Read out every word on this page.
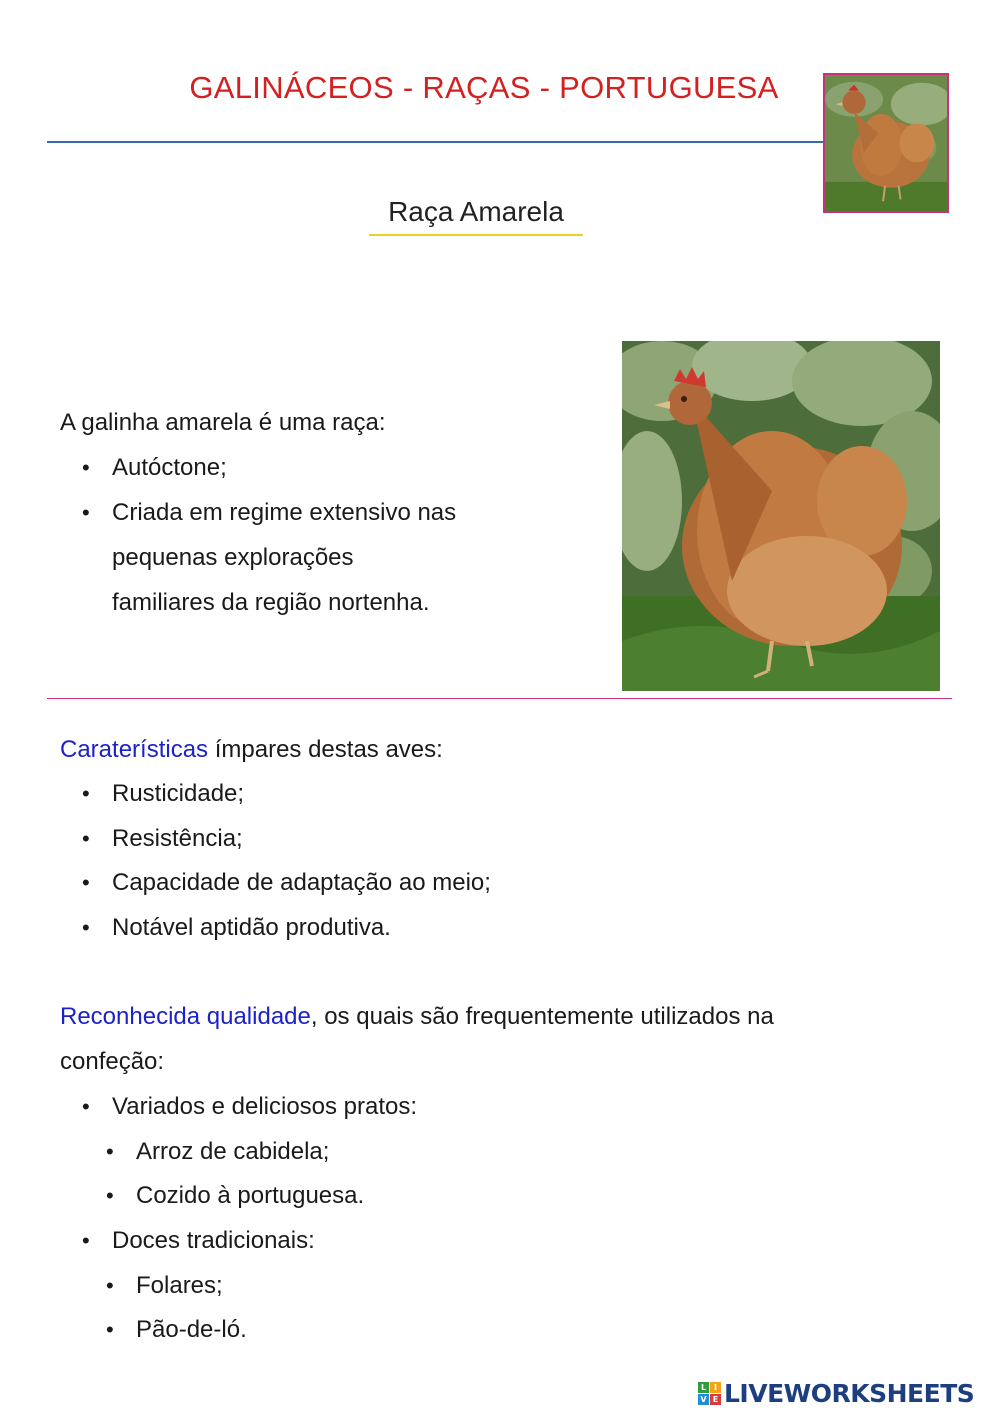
GALINÁCEOS - RAÇAS - PORTUGUESA
Raça Amarela
A galinha amarela é uma raça:
• Autóctone;
• Criada em regime extensivo nas
pequenas explorações
familiares da região nortenha.
Caraterísticas ímpares destas aves:
• Rusticidade;
• Resistência;
• Capacidade de adaptação ao meio;
• Notável aptidão produtiva.
Reconhecida qualidade, os quais são frequentemente utilizados na
confeção:
• Variados e deliciosos pratos:
• Arroz de cabidela;
• Cozido à portuguesa.
• Doces tradicionais:
• Folares;
• Pão-de-ló.
L I
V E LIVEWORKSHEETS
